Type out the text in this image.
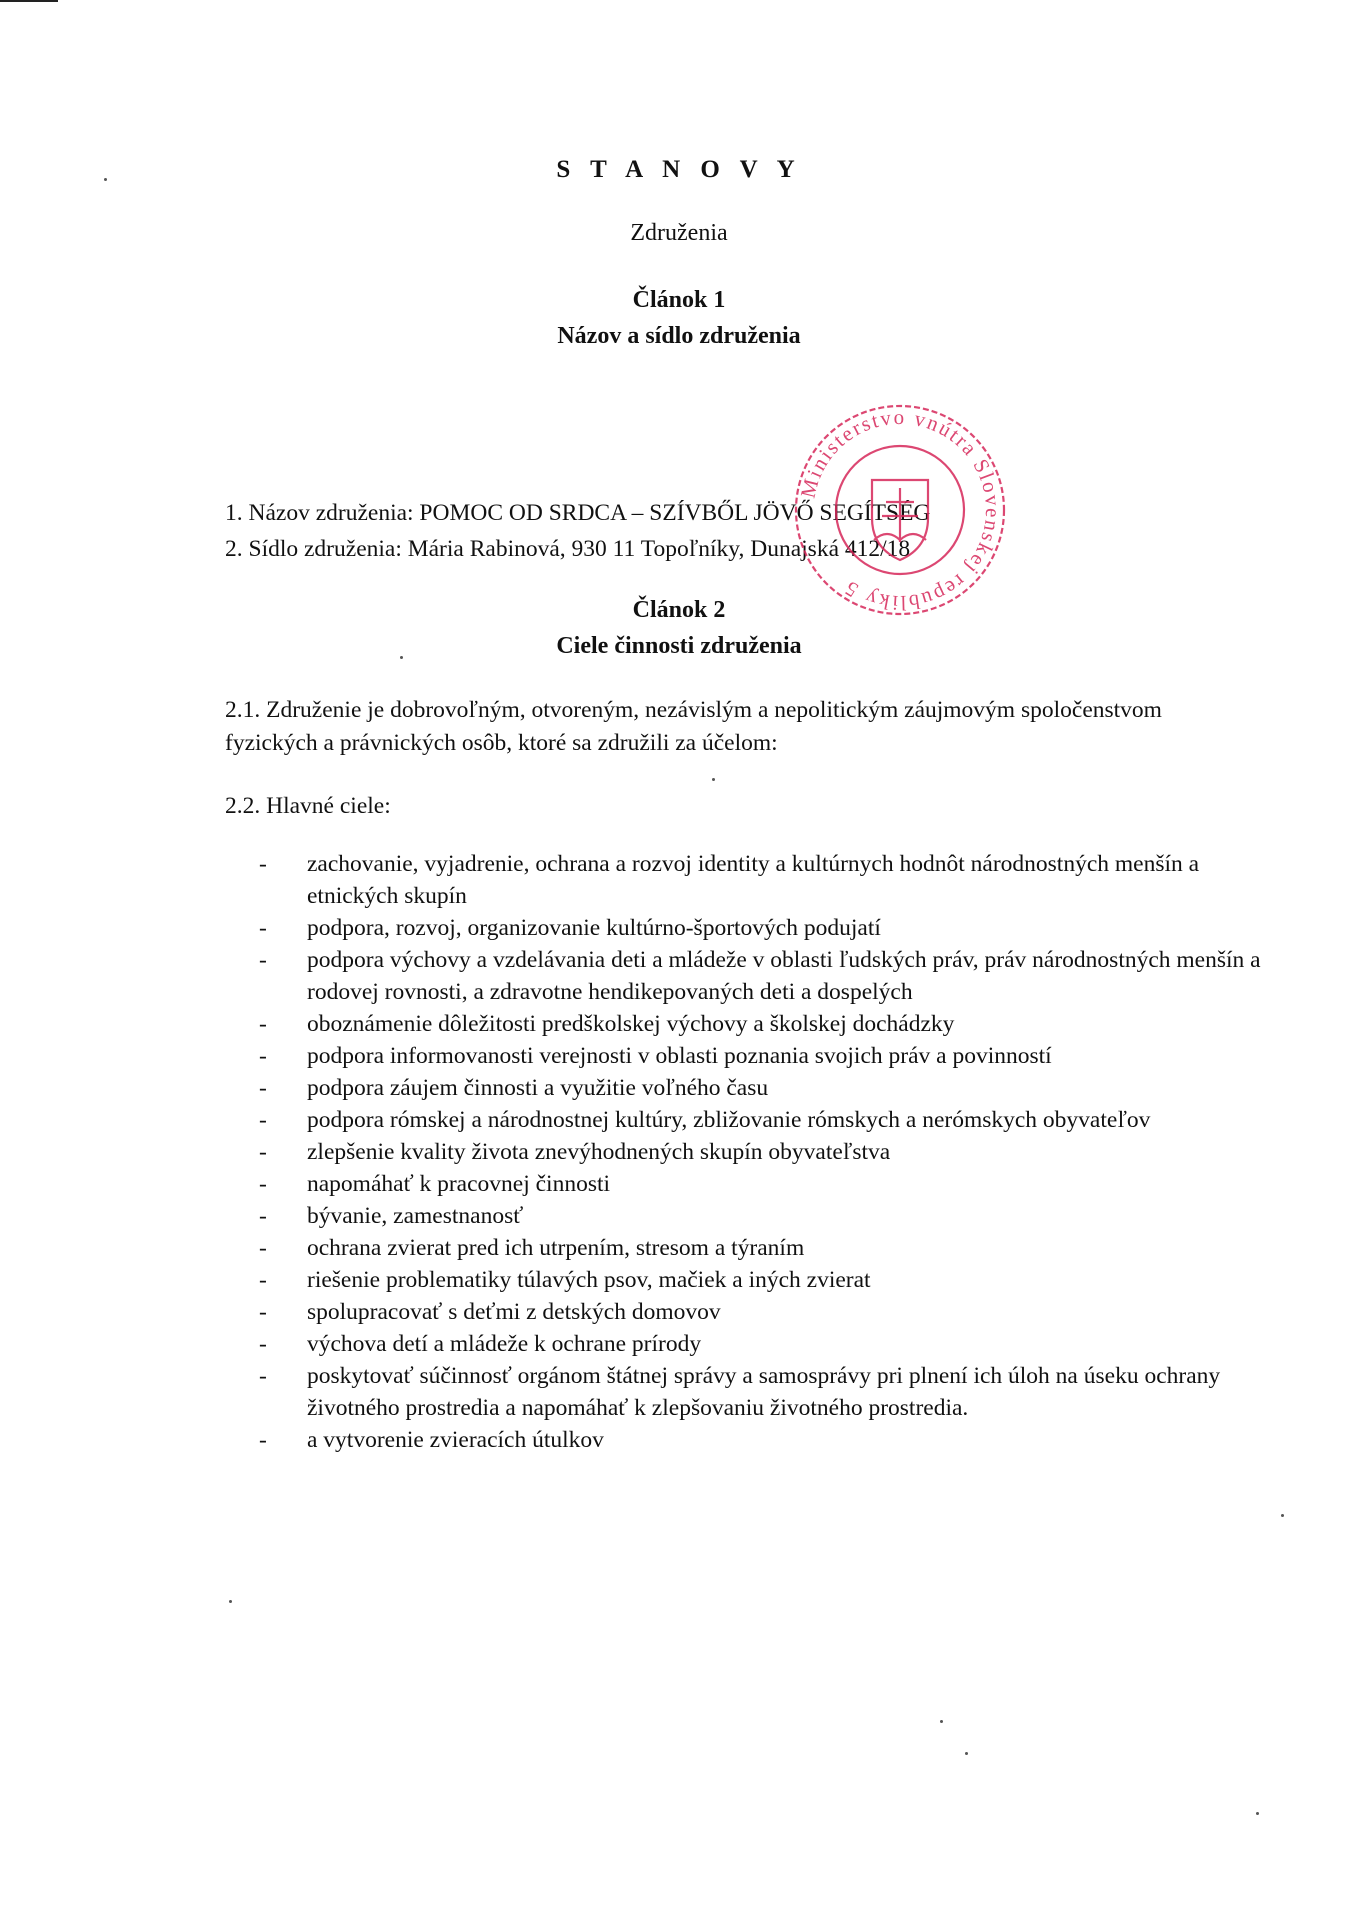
S T A N O V Y
Združenia
Článok 1
Názov a sídlo združenia
1. Názov združenia: POMOC OD SRDCA – SZÍVBŐL JÖVŐ SEGÍTSÉG
2. Sídlo združenia: Mária Rabinová, 930 11 Topoľníky, Dunajská 412/18
Článok 2
Ciele činnosti združenia
2.1. Združenie je dobrovoľným, otvoreným, nezávislým a nepolitickým záujmovým spoločenstvom fyzických a právnických osôb, ktoré sa združili za účelom:
2.2. Hlavné ciele:
- zachovanie, vyjadrenie, ochrana a rozvoj identity a kultúrnych hodnôt národnostných menšín a etnických skupín
- podpora, rozvoj, organizovanie kultúrno-športových podujatí
- podpora výchovy a vzdelávania deti a mládeže v oblasti ľudských práv, práv národnostných menšín a rodovej rovnosti, a zdravotne hendikepovaných deti a dospelých
- oboznámenie dôležitosti predškolskej výchovy a školskej dochádzky
- podpora informovanosti verejnosti v oblasti poznania svojich práv a povinností
- podpora záujem činnosti a využitie voľného času
- podpora rómskej a národnostnej kultúry, zbližovanie rómskych a nerómskych obyvateľov
- zlepšenie kvality života znevýhodnených skupín obyvateľstva
- napomáhať k pracovnej činnosti
- bývanie, zamestnanosť
- ochrana zvierat pred ich utrpením, stresom a týraním
- riešenie problematiky túlavých psov, mačiek a iných zvierat
- spolupracovať s deťmi z detských domovov
- výchova detí a mládeže k ochrane prírody
- poskytovať súčinnosť orgánom štátnej správy a samosprávy pri plnení ich úloh na úseku ochrany životného prostredia a napomáhať k zlepšovaniu životného prostredia.
- a vytvorenie zvieracích útulkov
Ministerstvo vnútra Slovenskej republiky 5
